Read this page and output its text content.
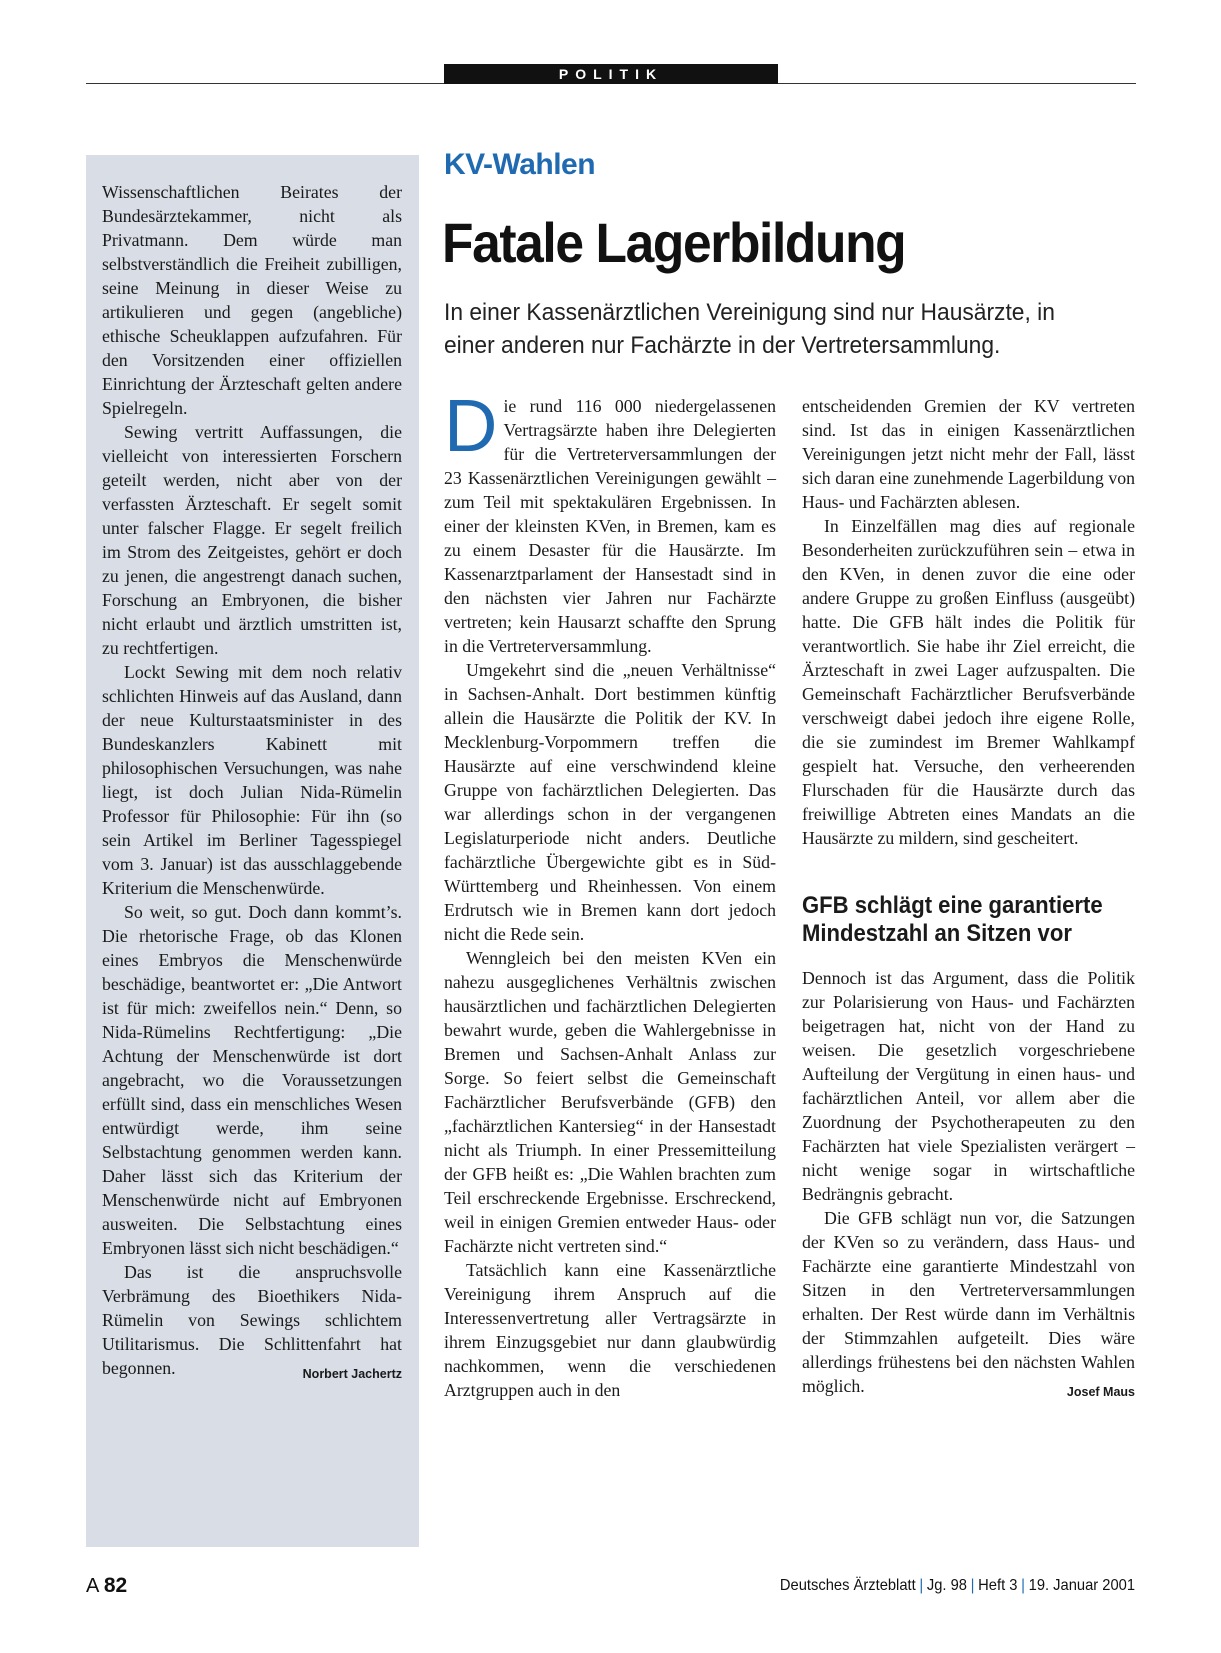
POLITIK

Wissenschaftlichen Beirates der Bundesärztekammer, nicht als Privatmann. Dem würde man selbstverständlich die Freiheit zubilligen, seine Meinung in dieser Weise zu artikulieren und gegen (angebliche) ethische Scheuklappen aufzufahren. Für den Vorsitzenden einer offiziellen Einrichtung der Ärzteschaft gelten andere Spielregeln.

Sewing vertritt Auffassungen, die vielleicht von interessierten Forschern geteilt werden, nicht aber von der verfassten Ärzteschaft. Er segelt somit unter falscher Flagge. Er segelt freilich im Strom des Zeitgeistes, gehört er doch zu jenen, die angestrengt danach suchen, Forschung an Embryonen, die bisher nicht erlaubt und ärztlich umstritten ist, zu rechtfertigen.

Lockt Sewing mit dem noch relativ schlichten Hinweis auf das Ausland, dann der neue Kulturstaatsminister in des Bundeskanzlers Kabinett mit philosophischen Versuchungen, was nahe liegt, ist doch Julian Nida-Rümelin Professor für Philosophie: Für ihn (so sein Artikel im Berliner Tagesspiegel vom 3. Januar) ist das ausschlaggebende Kriterium die Menschenwürde.

So weit, so gut. Doch dann kommt’s. Die rhetorische Frage, ob das Klonen eines Embryos die Menschenwürde beschädige, beantwortet er: „Die Antwort ist für mich: zweifellos nein.“ Denn, so Nida-Rümelins Rechtfertigung: „Die Achtung der Menschenwürde ist dort angebracht, wo die Voraussetzungen erfüllt sind, dass ein menschliches Wesen entwürdigt werde, ihm seine Selbstachtung genommen werden kann. Daher lässt sich das Kriterium der Menschenwürde nicht auf Embryonen ausweiten. Die Selbstachtung eines Embryonen lässt sich nicht beschädigen.“

Das ist die anspruchsvolle Verbrämung des Bioethikers Nida-Rümelin von Sewings schlichtem Utilitarismus. Die Schlittenfahrt hat begonnen.	Norbert Jachertz

KV-Wahlen
Fatale Lagerbildung
In einer Kassenärztlichen Vereinigung sind nur Hausärzte, in einer anderen nur Fachärzte in der Vertretersammlung.

Die rund 116 000 niedergelassenen Vertragsärzte haben ihre Delegierten für die Vertreterversammlungen der 23 Kassenärztlichen Vereinigungen gewählt – zum Teil mit spektakulären Ergebnissen. In einer der kleinsten KVen, in Bremen, kam es zu einem Desaster für die Hausärzte. Im Kassenarztparlament der Hansestadt sind in den nächsten vier Jahren nur Fachärzte vertreten; kein Hausarzt schaffte den Sprung in die Vertreterversammlung.

Umgekehrt sind die „neuen Verhältnisse“ in Sachsen-Anhalt. Dort bestimmen künftig allein die Hausärzte die Politik der KV. In Mecklenburg-Vorpommern treffen die Hausärzte auf eine verschwindend kleine Gruppe von fachärztlichen Delegierten. Das war allerdings schon in der vergangenen Legislaturperiode nicht anders. Deutliche fachärztliche Übergewichte gibt es in Süd-Württemberg und Rheinhessen. Von einem Erdrutsch wie in Bremen kann dort jedoch nicht die Rede sein.

Wenngleich bei den meisten KVen ein nahezu ausgeglichenes Verhältnis zwischen hausärztlichen und fachärztlichen Delegierten bewahrt wurde, geben die Wahlergebnisse in Bremen und Sachsen-Anhalt Anlass zur Sorge. So feiert selbst die Gemeinschaft Fachärztlicher Berufsverbände (GFB) den „fachärztlichen Kantersieg“ in der Hansestadt nicht als Triumph. In einer Pressemitteilung der GFB heißt es: „Die Wahlen brachten zum Teil erschreckende Ergebnisse. Erschreckend, weil in einigen Gremien entweder Haus- oder Fachärzte nicht vertreten sind.“

Tatsächlich kann eine Kassenärztliche Vereinigung ihrem Anspruch auf die Interessenvertretung aller Vertragsärzte in ihrem Einzugsgebiet nur dann glaubwürdig nachkommen, wenn die verschiedenen Arztgruppen auch in den

entscheidenden Gremien der KV vertreten sind. Ist das in einigen Kassenärztlichen Vereinigungen jetzt nicht mehr der Fall, lässt sich daran eine zunehmende Lagerbildung von Haus- und Fachärzten ablesen.

In Einzelfällen mag dies auf regionale Besonderheiten zurückzuführen sein – etwa in den KVen, in denen zuvor die eine oder andere Gruppe zu großen Einfluss (ausgeübt) hatte. Die GFB hält indes die Politik für verantwortlich. Sie habe ihr Ziel erreicht, die Ärzteschaft in zwei Lager aufzuspalten. Die Gemeinschaft Fachärztlicher Berufsverbände verschweigt dabei jedoch ihre eigene Rolle, die sie zumindest im Bremer Wahlkampf gespielt hat. Versuche, den verheerenden Flurschaden für die Hausärzte durch das freiwillige Abtreten eines Mandats an die Hausärzte zu mildern, sind gescheitert.

GFB schlägt eine garantierte Mindestzahl an Sitzen vor

Dennoch ist das Argument, dass die Politik zur Polarisierung von Haus- und Fachärzten beigetragen hat, nicht von der Hand zu weisen. Die gesetzlich vorgeschriebene Aufteilung der Vergütung in einen haus- und fachärztlichen Anteil, vor allem aber die Zuordnung der Psychotherapeuten zu den Fachärzten hat viele Spezialisten verärgert – nicht wenige sogar in wirtschaftliche Bedrängnis gebracht.

Die GFB schlägt nun vor, die Satzungen der KVen so zu verändern, dass Haus- und Fachärzte eine garantierte Mindestzahl von Sitzen in den Vertreterversammlungen erhalten. Der Rest würde dann im Verhältnis der Stimmzahlen aufgeteilt. Dies wäre allerdings frühestens bei den nächsten Wahlen möglich.	Josef Maus

A 82	Deutsches Ärzteblatt | Jg. 98 | Heft 3 | 19. Januar 2001
